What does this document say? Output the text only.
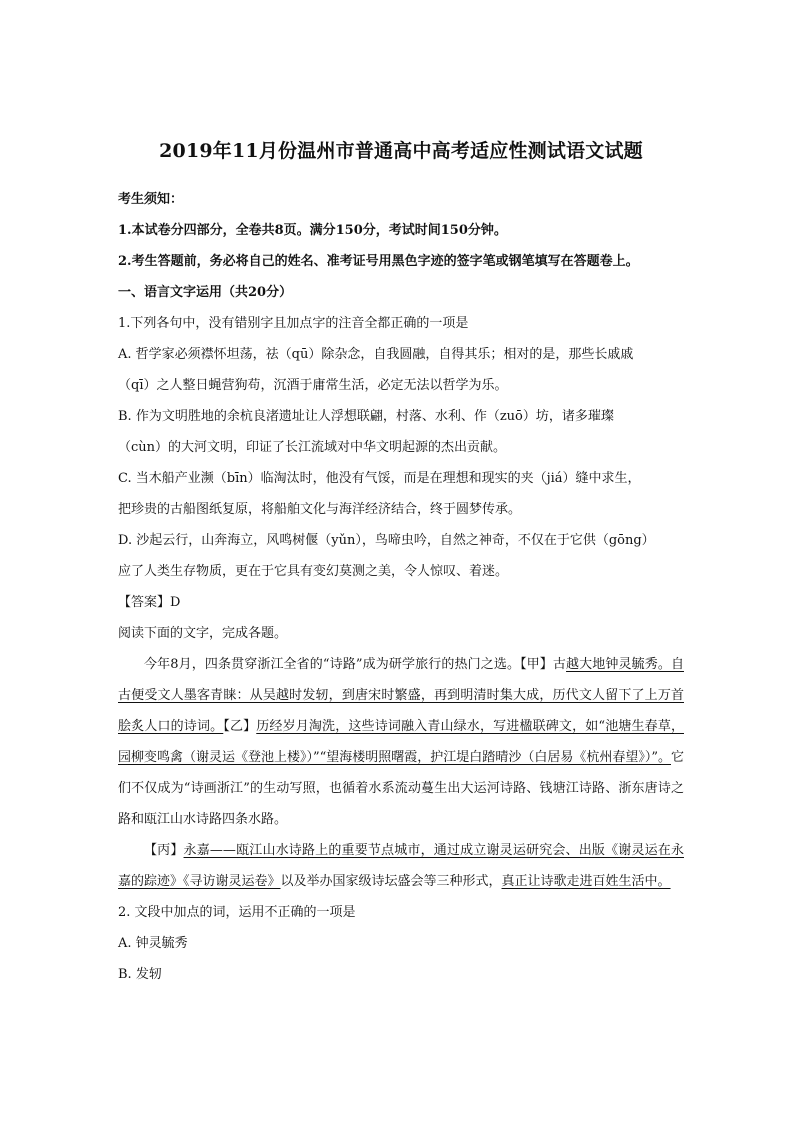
2019年11月份温州市普通高中高考适应性测试语文试题
考生须知：
1.本试卷分四部分，全卷共8页。满分150分，考试时间150分钟。
2.考生答题前，务必将自己的姓名、准考证号用黑色字迹的签字笔或钢笔填写在答题卷上。
一、语言文字运用（共20分）
1.下列各句中，没有错别字且加点字的注音全都正确的一项是
A. 哲学家必须襟怀坦荡，祛（qū）除杂念，自我圆融，自得其乐；相对的是，那些长戚戚
（qī）之人整日蝇营狗苟，沉酒于庸常生活，必定无法以哲学为乐。
B. 作为文明胜地的余杭良渚遗址让人浮想联翩，村落、水利、作（zuō）坊，诸多璀璨
（cùn）的大河文明，印证了长江流域对中华文明起源的杰出贡献。
C. 当木船产业濒（bīn）临淘汰时，他没有气馁，而是在理想和现实的夹（jiá）缝中求生，
把珍贵的古船图纸复原，将船舶文化与海洋经济结合，终于圆梦传承。
D. 沙起云行，山奔海立，风鸣树偃（yǔn），鸟啼虫吟，自然之神奇，不仅在于它供（gōng）
应了人类生存物质，更在于它具有变幻莫测之美，令人惊叹、着迷。
【答案】D
阅读下面的文字，完成各题。

今年8月，四条贯穿浙江全省的“诗路”成为研学旅行的热门之选。【甲】古越大地钟灵毓秀。自古便受文人墨客青睐：从吴越时发轫，到唐宋时繁盛，再到明清时集大成，历代文人留下了上万首脍炙人口的诗词。【乙】历经岁月淘洗，这些诗词融入青山绿水，写进楹联碑文，如“池塘生春草，园柳变鸣禽（谢灵运《登池上楼》）”“望海楼明照曙霞，护江堤白踏晴沙（白居易《杭州春望》）”。它们不仅成为“诗画浙江”的生动写照，也循着水系流动蔓生出大运河诗路、钱塘江诗路、浙东唐诗之路和瓯江山水诗路四条水路。

【丙】永嘉——瓯江山水诗路上的重要节点城市，通过成立谢灵运研究会、出版《谢灵运在永嘉的踪迹》《寻访谢灵运卷》以及举办国家级诗坛盛会等三种形式，真正让诗歌走进百姓生活中。

2. 文段中加点的词，运用不正确的一项是
A. 钟灵毓秀
B. 发轫
